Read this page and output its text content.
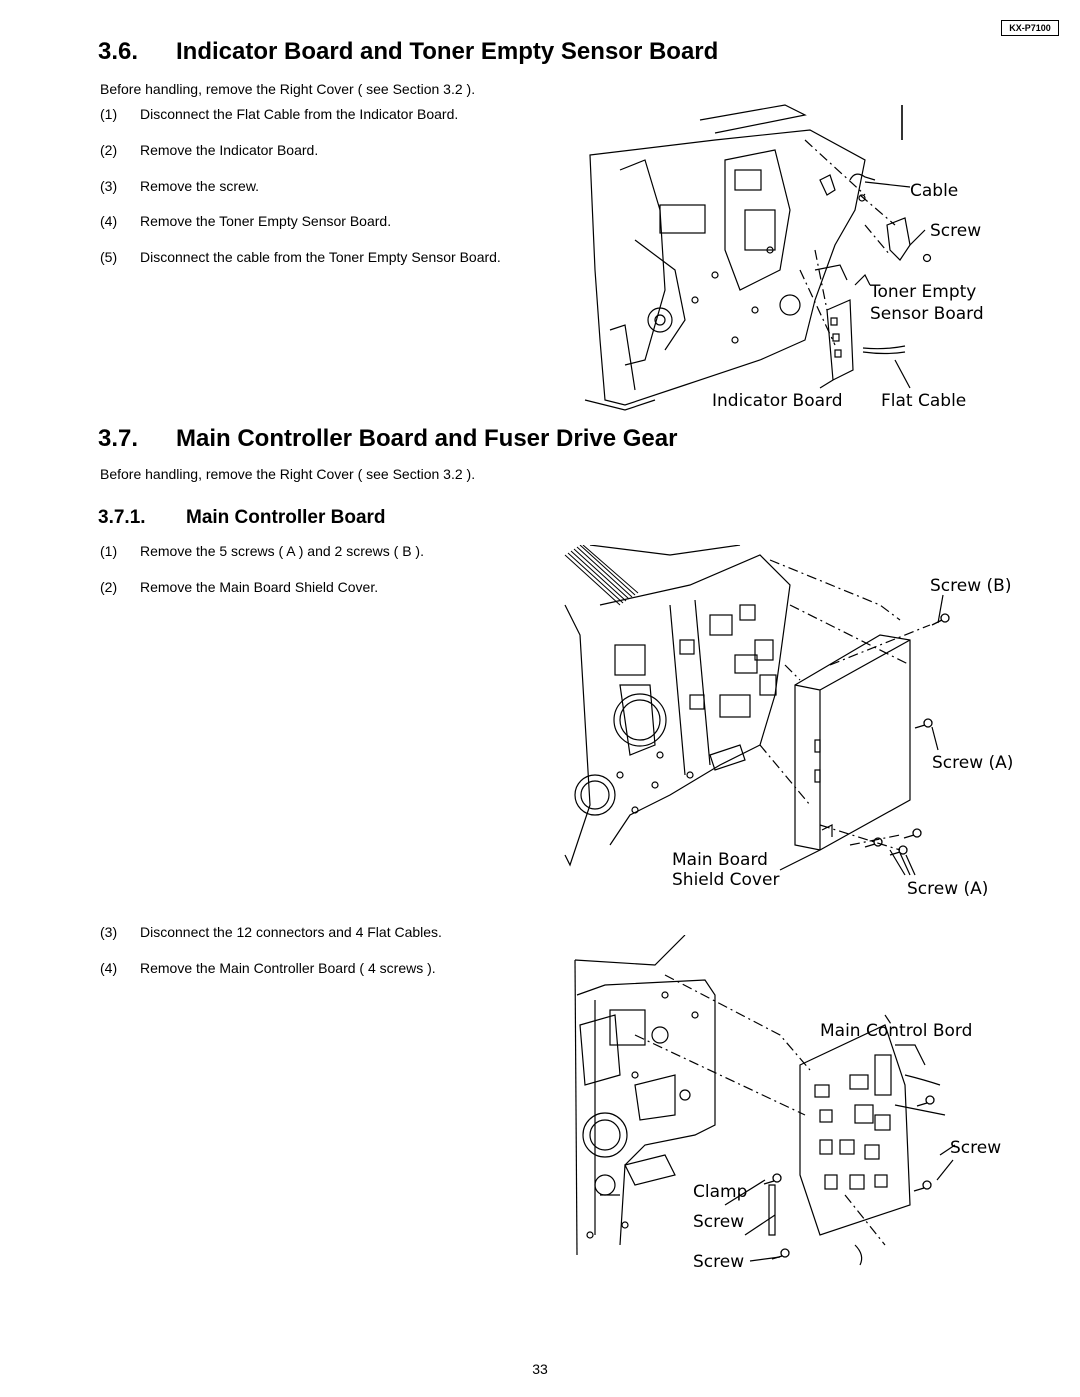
KX-P7100
3.6. Indicator Board and Toner Empty Sensor Board

Before handling, remove the Right Cover ( see Section 3.2 ).

(1) Disconnect the Flat Cable from the Indicator Board.
(2) Remove the Indicator Board.
(3) Remove the screw.
(4) Remove the Toner Empty Sensor Board.
(5) Disconnect the cable from the Toner Empty Sensor Board.
Cable
Screw
Toner Empty
Sensor Board
Indicator Board Flat Cable
3.7. Main Controller Board and Fuser Drive Gear

Before handling, remove the Right Cover ( see Section 3.2 ).

3.7.1. Main Controller Board
(1) Remove the 5 screws ( A ) and 2 screws ( B ).
(2) Remove the Main Board Shield Cover.	Screw (B)
Screw (A)
Main Board
Shield Cover	Screw (A)
(3) Disconnect the 12 connectors and 4 Flat Cables.
(4) Remove the Main Controller Board ( 4 screws ).
Main Control Bord
Screw
Clamp
Screw
Screw
33
